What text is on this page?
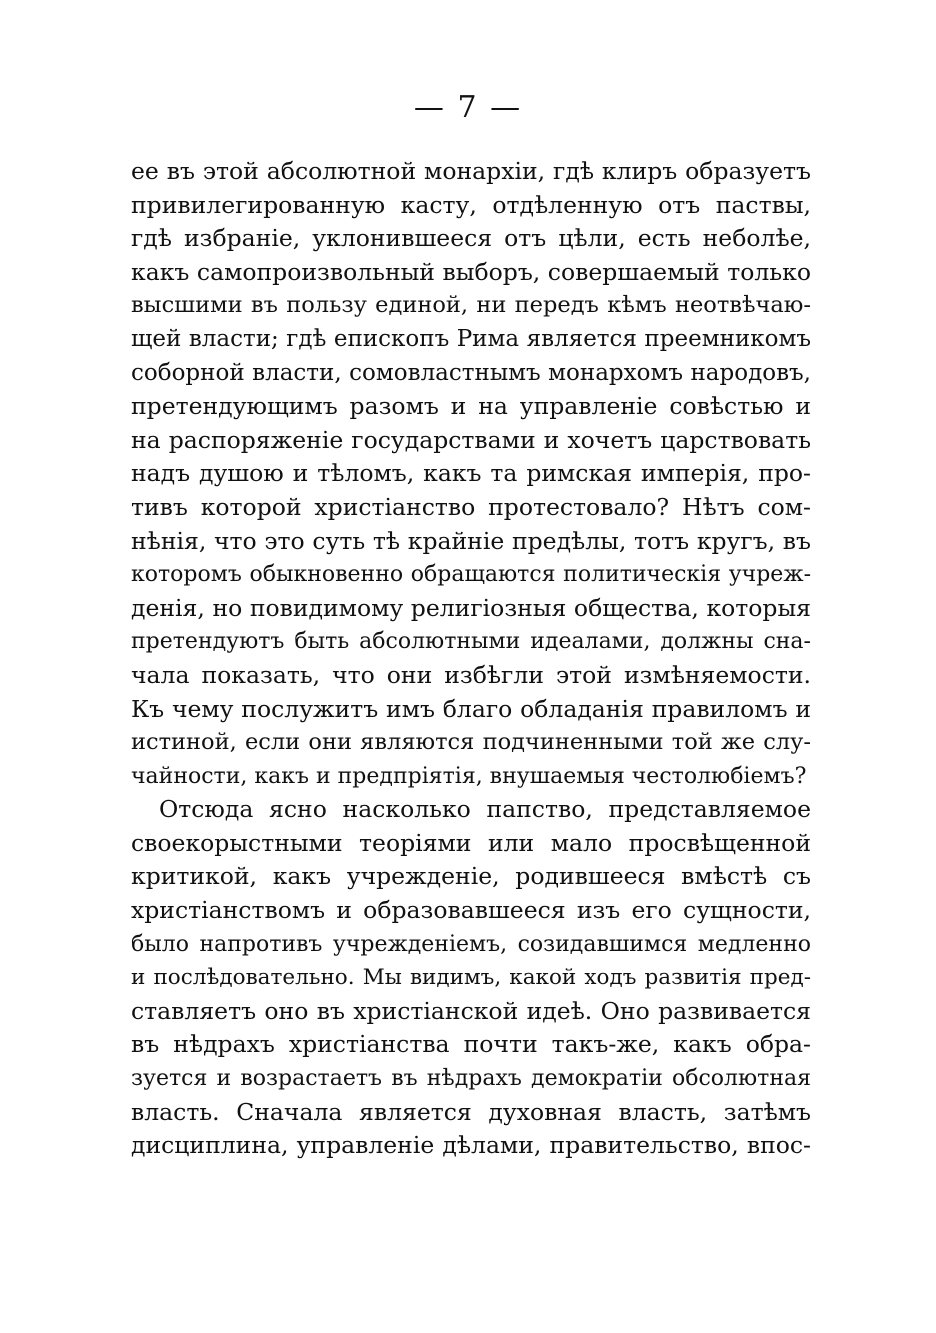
— 7 —
ее въ этой абсолютной монархіи, гдѣ клиръ образуетъ
привилегированную касту, отдѣленную отъ паствы,
гдѣ избраніе, уклонившееся отъ цѣли, есть неболѣе,
какъ самопроизвольный выборъ, совершаемый только
высшими въ пользу единой, ни передъ кѣмъ неотвѣчаю-
щей власти; гдѣ епископъ Рима является преемникомъ
соборной власти, сомовластнымъ монархомъ народовъ,
претендующимъ разомъ и на управленіе совѣстью и
на распоряженіе государствами и хочетъ царствовать
надъ душою и тѣломъ, какъ та римская имперія, про-
тивъ которой христіанство протестовало? Нѣтъ сом-
нѣнія, что это суть тѣ крайніе предѣлы, тотъ кругъ, въ
которомъ обыкновенно обращаются политическія учреж-
денія, но повидимому религіозныя общества, которыя
претендуютъ быть абсолютными идеалами, должны сна-
чала показать, что они избѣгли этой измѣняемости.
Къ чему послужитъ имъ благо обладанія правиломъ и
истиной, если они являются подчиненными той же слу-
чайности, какъ и предпріятія, внушаемыя честолюбіемъ?
Отсюда ясно насколько папство, представляемое
своекорыстными теоріями или мало просвѣщенной
критикой, какъ учрежденіе, родившееся вмѣстѣ съ
христіанствомъ и образовавшееся изъ его сущности,
было напротивъ учрежденіемъ, созидавшимся медленно
и послѣдовательно. Мы видимъ, какой ходъ развитія пред-
ставляетъ оно въ христіанской идеѣ. Оно развивается
въ нѣдрахъ христіанства почти такъ-же, какъ обра-
зуется и возрастаетъ въ нѣдрахъ демократіи обсолютная
власть. Сначала является духовная власть, затѣмъ
дисциплина, управленіе дѣлами, правительство, впос-
